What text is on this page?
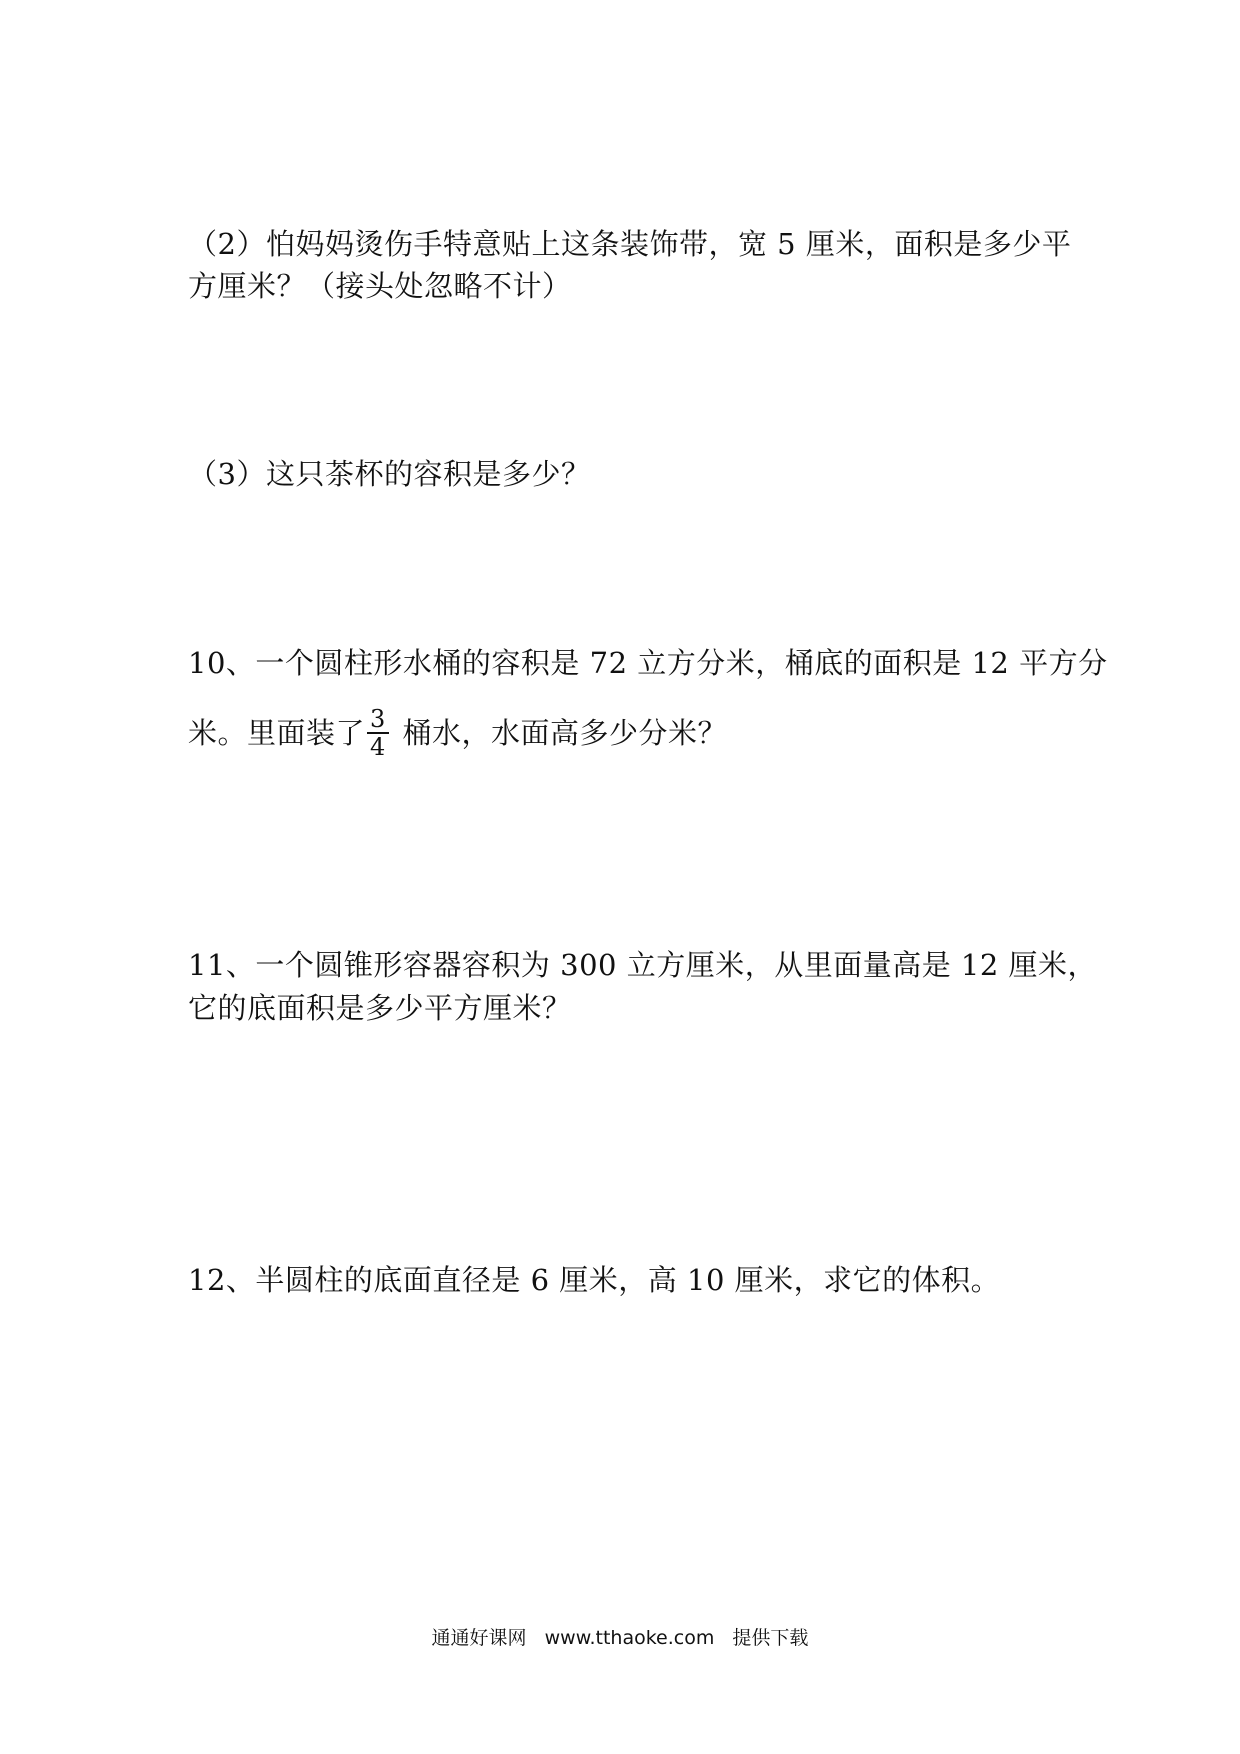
（2）怕妈妈烫伤手特意贴上这条装饰带，宽 5 厘米，面积是多少平
方厘米？（接头处忽略不计）
（3）这只茶杯的容积是多少？
10、一个圆柱形水桶的容积是 72 立方分米，桶底的面积是 12 平方分
米。里面装了 $\frac{3}{4}$ 桶水，水面高多少分米？
11、一个圆锥形容器容积为 300 立方厘米，从里面量高是 12 厘米，
它的底面积是多少平方厘米？
12、半圆柱的底面直径是 6 厘米，高 10 厘米，求它的体积。
通通好课网 www.tthaoke.com 提供下载
